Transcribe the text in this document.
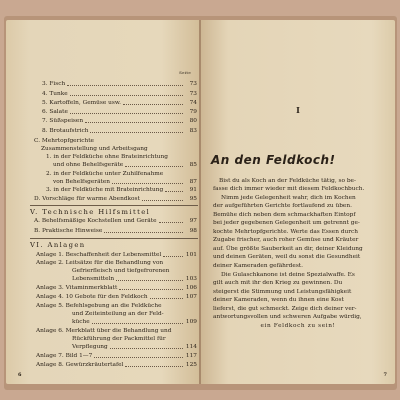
Seite
3. Fisch	73
4. Tunke	73
5. Kartoffeln, Gemüse usw.	74
6. Salate	79
7. Süßspeisen	80
8. Brotaufstrich	83
C. Mehrtopfgerichte
Zusammenstellung und Arbeitsgang
1. in der Feldküche ohne Brateinrichtung
und ohne Behelfsgeräte	85
2. in der Feldküche unter Zuhilfenahme
von Behelfsgeräten	87
3. in der Feldküche mit Brateinrichtung	91
D. Vorschläge für warme Abendkost	95
V. Technische Hilfsmittel
A. Behelfsmäßige Kochstellen und Geräte	97
B. Praktische Hinweise	98
VI. Anlagen
Anlage 1. Beschaffenheit der Lebensmittel	101
Anlage 2. Leitsätze für die Behandlung von
Gefrierfleisch und tiefgefrorenen
Lebensmitteln	103
Anlage 3. Vitaminmerkblatt	106
Anlage 4. 10 Gebote für den Feldkoch	107
Anlage 5. Befehlsgebung an die Feldküche
und Zeiteinteilung an der Feld-
küche	109
Anlage 6. Merkblatt über die Behandlung und
Rückführung der Packmittel für
Verpflegung	114
Anlage 7. Bild 1—7	117
Anlage 8. Gewürzkräutertafel	125
6
I
An den Feldkoch!
Bist du als Koch an der Feldküche tätig, so be-
fasse dich immer wieder mit diesem Feldkochbuch.
Nimm jede Gelegenheit wahr, dich im Kochen
der aufgeführten Gerichte fortlaufend zu üben.
Bemühe dich neben dem schmackhaften Eintopf
bei jeder gegebenen Gelegenheit um getrennt ge-
kochte Mehrtopfgerichte. Werte das Essen durch
Zugabe frischer, auch roher Gemüse und Kräuter
auf. Übe größte Sauberkeit an dir, deiner Kleidung
und deinen Geräten, weil du sonst die Gesundheit
deiner Kameraden gefährdest.
Die Gulaschkanone ist deine Spezialwaffe. Es
gilt auch mit ihr den Krieg zu gewinnen. Du
steigerst die Stimmung und Leistungsfähigkeit
deiner Kameraden, wenn du ihnen eine Kost
lieferst, die gut schmeckt. Zeige dich deiner ver-
antwortungsvollen und schweren Aufgabe würdig,
ein Feldkoch zu sein!
7
